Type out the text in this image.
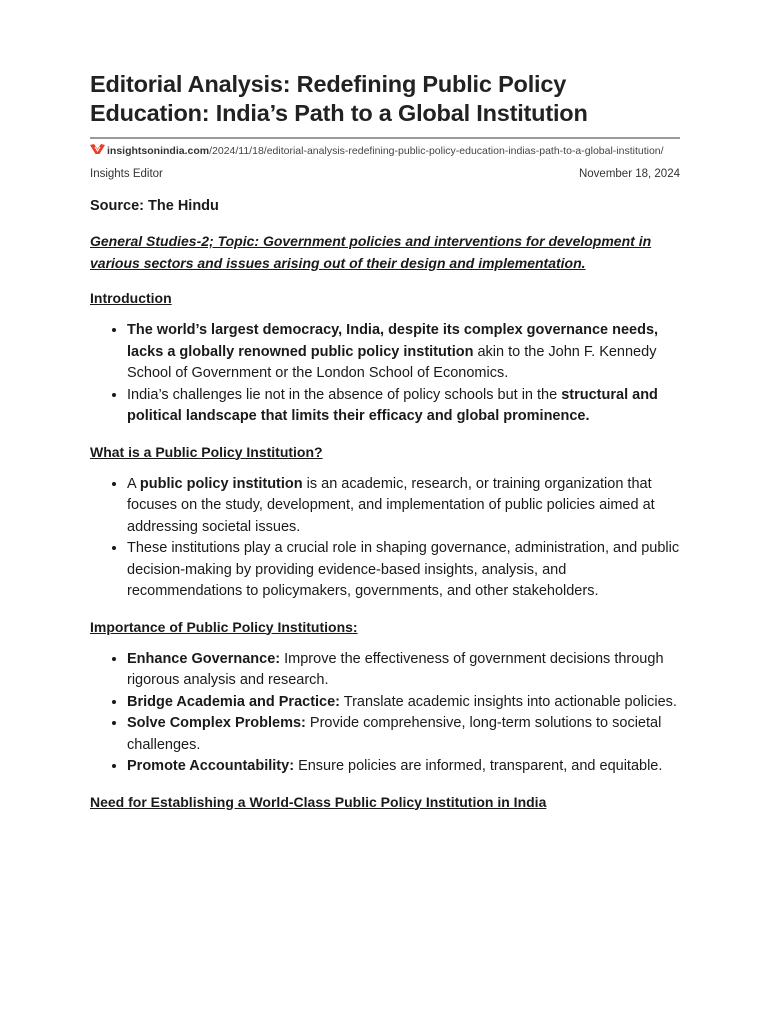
Editorial Analysis: Redefining Public Policy Education: India’s Path to a Global Institution
insightsonindia.com/2024/11/18/editorial-analysis-redefining-public-policy-education-indias-path-to-a-global-institution/
Insights Editor	November 18, 2024
Source: The Hindu
General Studies-2; Topic: Government policies and interventions for development in various sectors and issues arising out of their design and implementation.
Introduction
• The world’s largest democracy, India, despite its complex governance needs, lacks a globally renowned public policy institution akin to the John F. Kennedy School of Government or the London School of Economics.
• India’s challenges lie not in the absence of policy schools but in the structural and political landscape that limits their efficacy and global prominence.
What is a Public Policy Institution?
• A public policy institution is an academic, research, or training organization that focuses on the study, development, and implementation of public policies aimed at addressing societal issues.
• These institutions play a crucial role in shaping governance, administration, and public decision-making by providing evidence-based insights, analysis, and recommendations to policymakers, governments, and other stakeholders.
Importance of Public Policy Institutions:
• Enhance Governance: Improve the effectiveness of government decisions through rigorous analysis and research.
• Bridge Academia and Practice: Translate academic insights into actionable policies.
• Solve Complex Problems: Provide comprehensive, long-term solutions to societal challenges.
• Promote Accountability: Ensure policies are informed, transparent, and equitable.
Need for Establishing a World-Class Public Policy Institution in India
